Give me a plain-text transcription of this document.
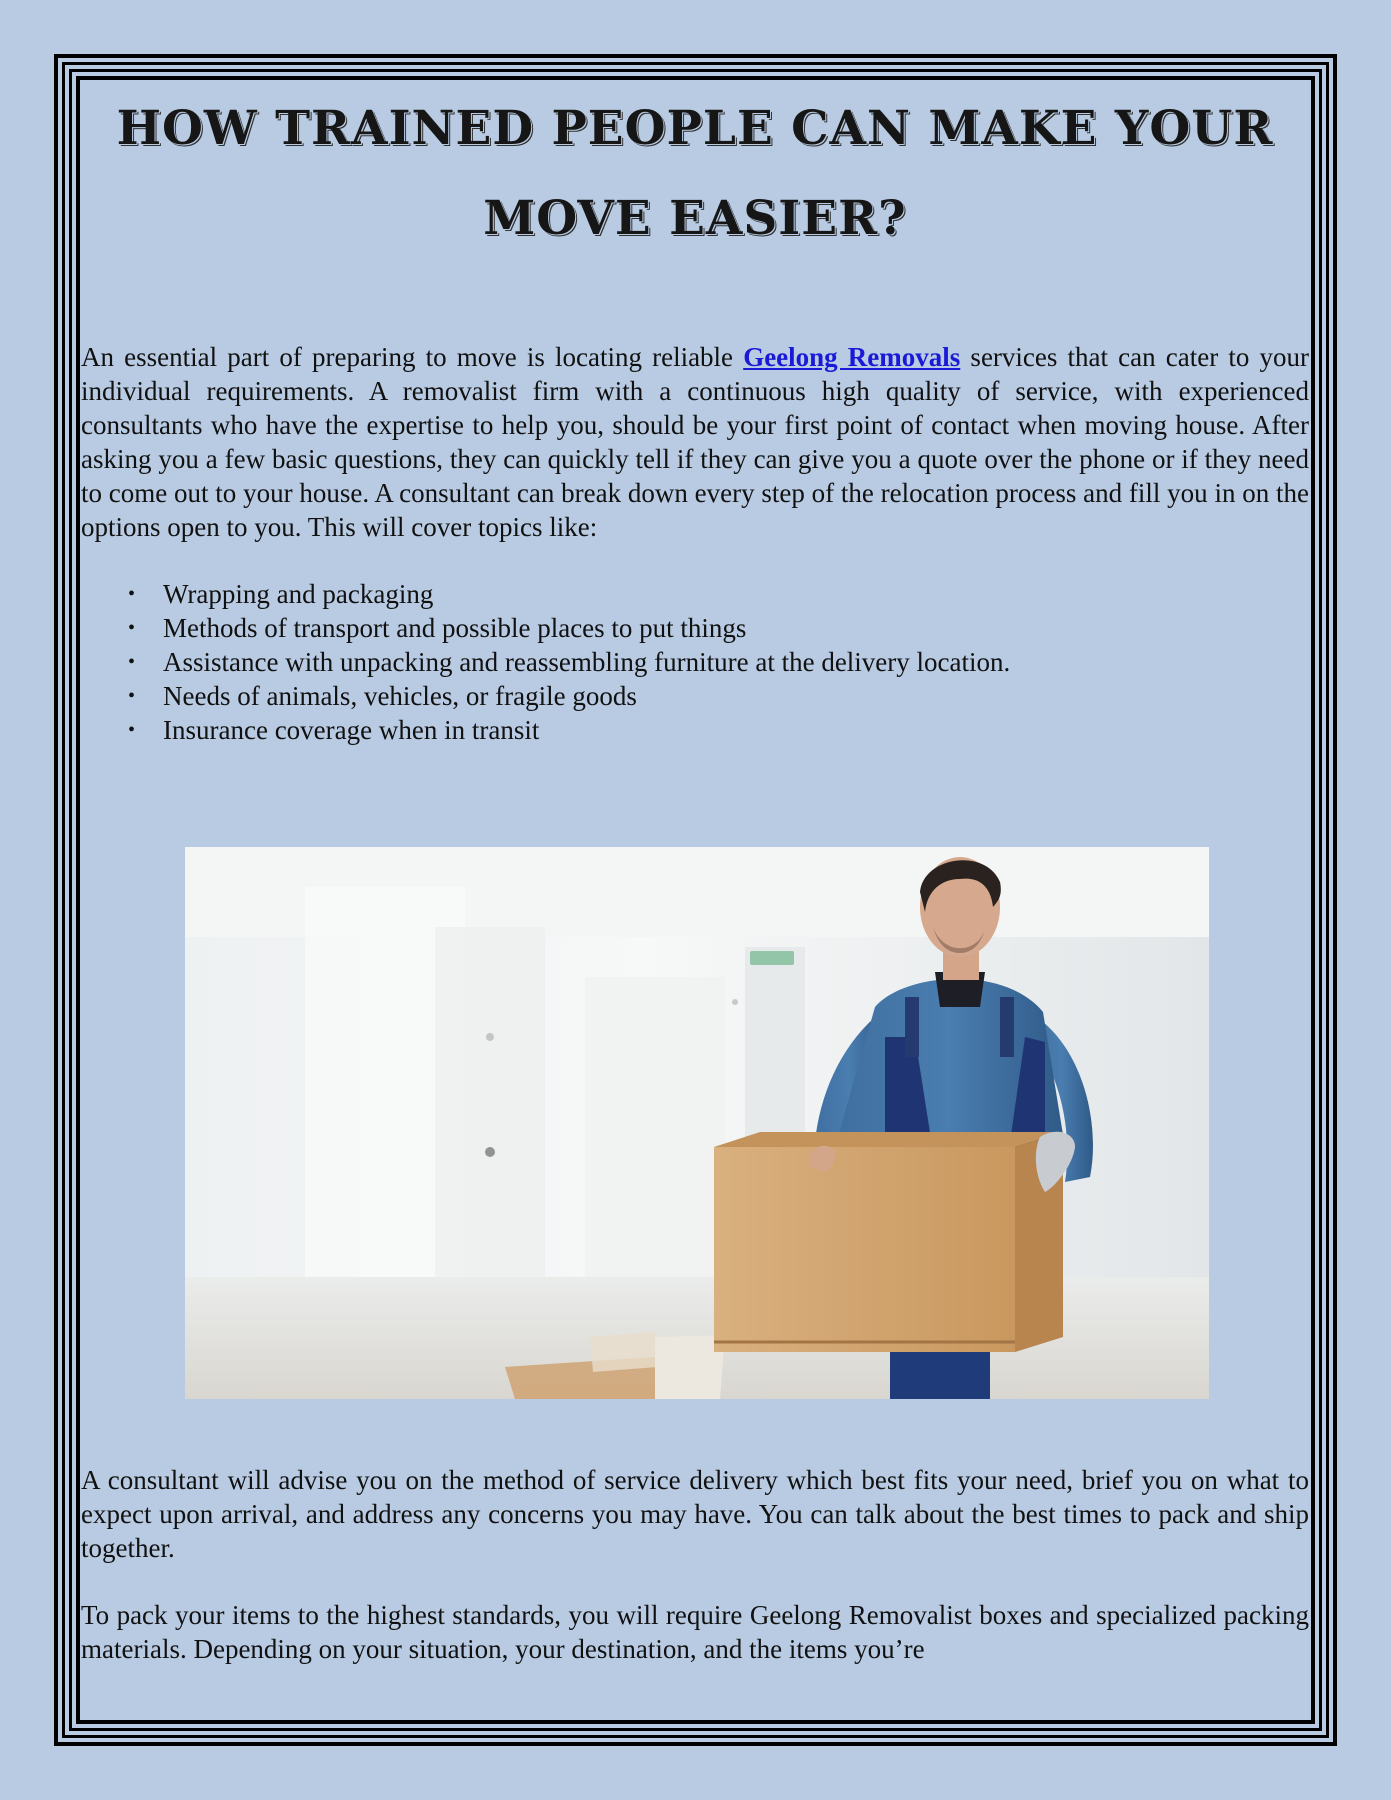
HOW TRAINED PEOPLE CAN MAKE YOUR MOVE EASIER?

An essential part of preparing to move is locating reliable Geelong Removals services that can cater to your individual requirements. A removalist firm with a continuous high quality of service, with experienced consultants who have the expertise to help you, should be your first point of contact when moving house. After asking you a few basic questions, they can quickly tell if they can give you a quote over the phone or if they need to come out to your house. A consultant can break down every step of the relocation process and fill you in on the options open to you. This will cover topics like:

• Wrapping and packaging
• Methods of transport and possible places to put things
• Assistance with unpacking and reassembling furniture at the delivery location.
• Needs of animals, vehicles, or fragile goods
• Insurance coverage when in transit

A consultant will advise you on the method of service delivery which best fits your need, brief you on what to expect upon arrival, and address any concerns you may have. You can talk about the best times to pack and ship together.

To pack your items to the highest standards, you will require Geelong Removalist boxes and specialized packing materials. Depending on your situation, your destination, and the items you’re
